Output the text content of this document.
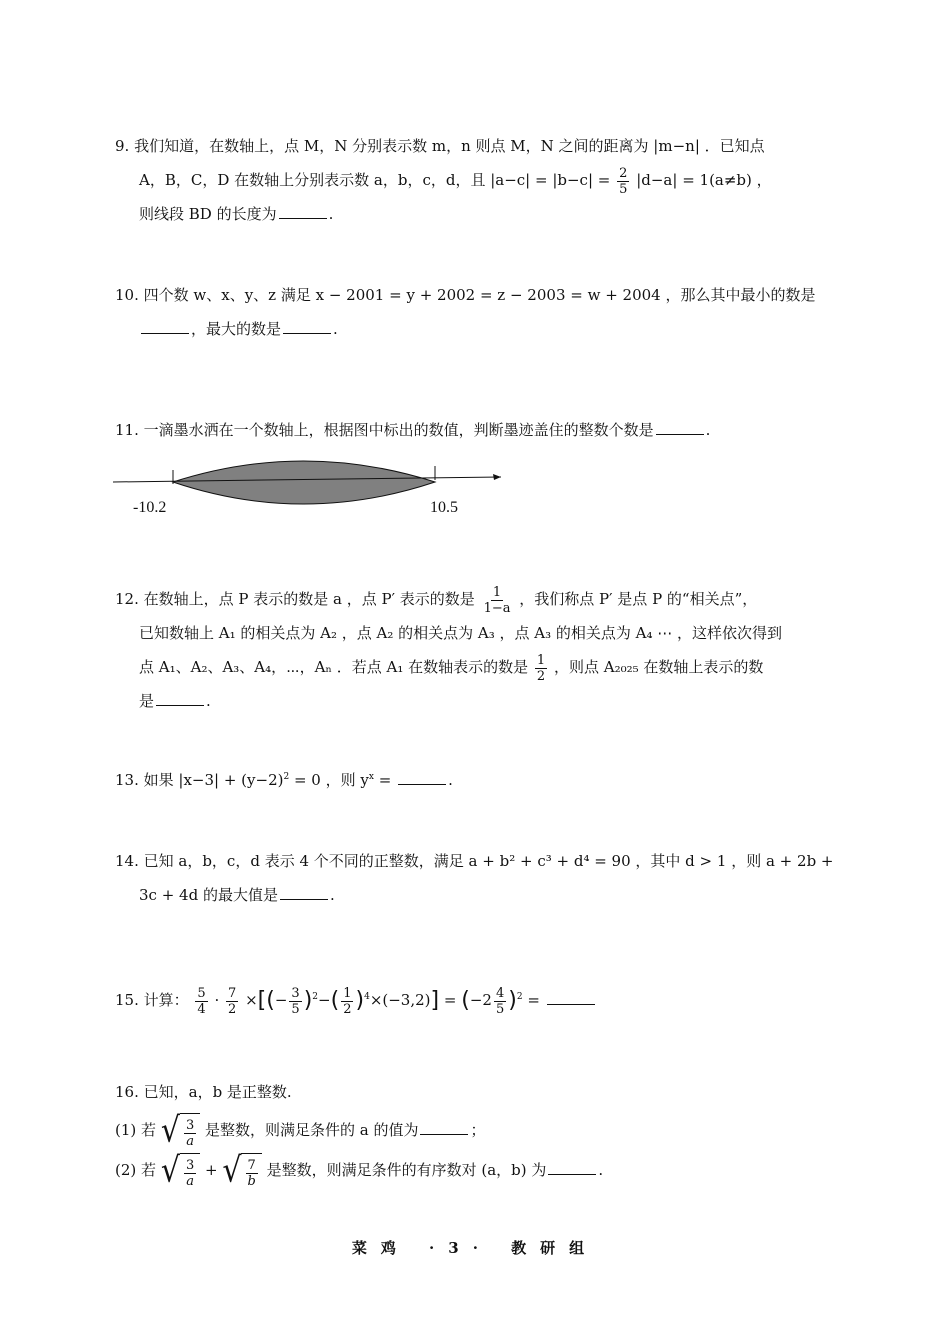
9. 我们知道，在数轴上，点 M，N 分别表示数 m，n 则点 M，N 之间的距离为 |m−n| ．已知点
A，B，C，D 在数轴上分别表示数 a，b，c，d，且 $|a-c| = |b-c| = \frac{2}{5} |d-a| = 1(a\ne b)$ ，
则线段 BD 的长度为	.
10. 四个数 w、x、y、z 满足 x − 2001 = y + 2002 = z − 2003 = w + 2004 ，那么其中最小的数是
，最大的数是	.
11. 一滴墨水洒在一个数轴上，根据图中标出的数值，判断墨迹盖住的整数个数是	.
-10.2	10.5
12. 在数轴上，点 P 表示的数是 a ，点 P′ 表示的数是 $\frac{1}{1-a}$ ，我们称点 P′ 是点 P 的“相关点”，
已知数轴上 A₁ 的相关点为 A₂ ，点 A₂ 的相关点为 A₃ ，点 A₃ 的相关点为 A₄ ⋯ ，这样依次得到
点 A₁、A₂、A₃、A₄，⋯，Aₙ ．若点 A₁ 在数轴表示的数是 $\frac{1}{2}$ ，则点 A₂₀₂₅ 在数轴上表示的数
是	.
13. 如果 $|x-3| + (y-2)^2 = 0$ ，则 $y^x$ =	.
14. 已知 a，b，c，d 表示 4 个不同的正整数，满足 a + b² + c³ + d⁴ = 90 ，其中 d > 1 ，则 a + 2b +
3c + 4d 的最大值是	.
15. 计算： $\frac{5}{4} \cdot \frac{7}{2}$ ×[(− $\frac{3}{5} )^2-( \frac{1}{2} )^4\times(-3,2)] = (-2 \frac{4}{5} )^2$ =
16. 已知，a，b 是正整数.
(1) 若 √ $\frac{3}{a}$ 是整数，则满足条件的 a 的值为	；
(2) 若 √ $\frac{3}{a}$ + √ $\frac{7}{b}$ 是整数，则满足条件的有序数对 (a，b) 为	.
菜鸡 ·3· 教研组
